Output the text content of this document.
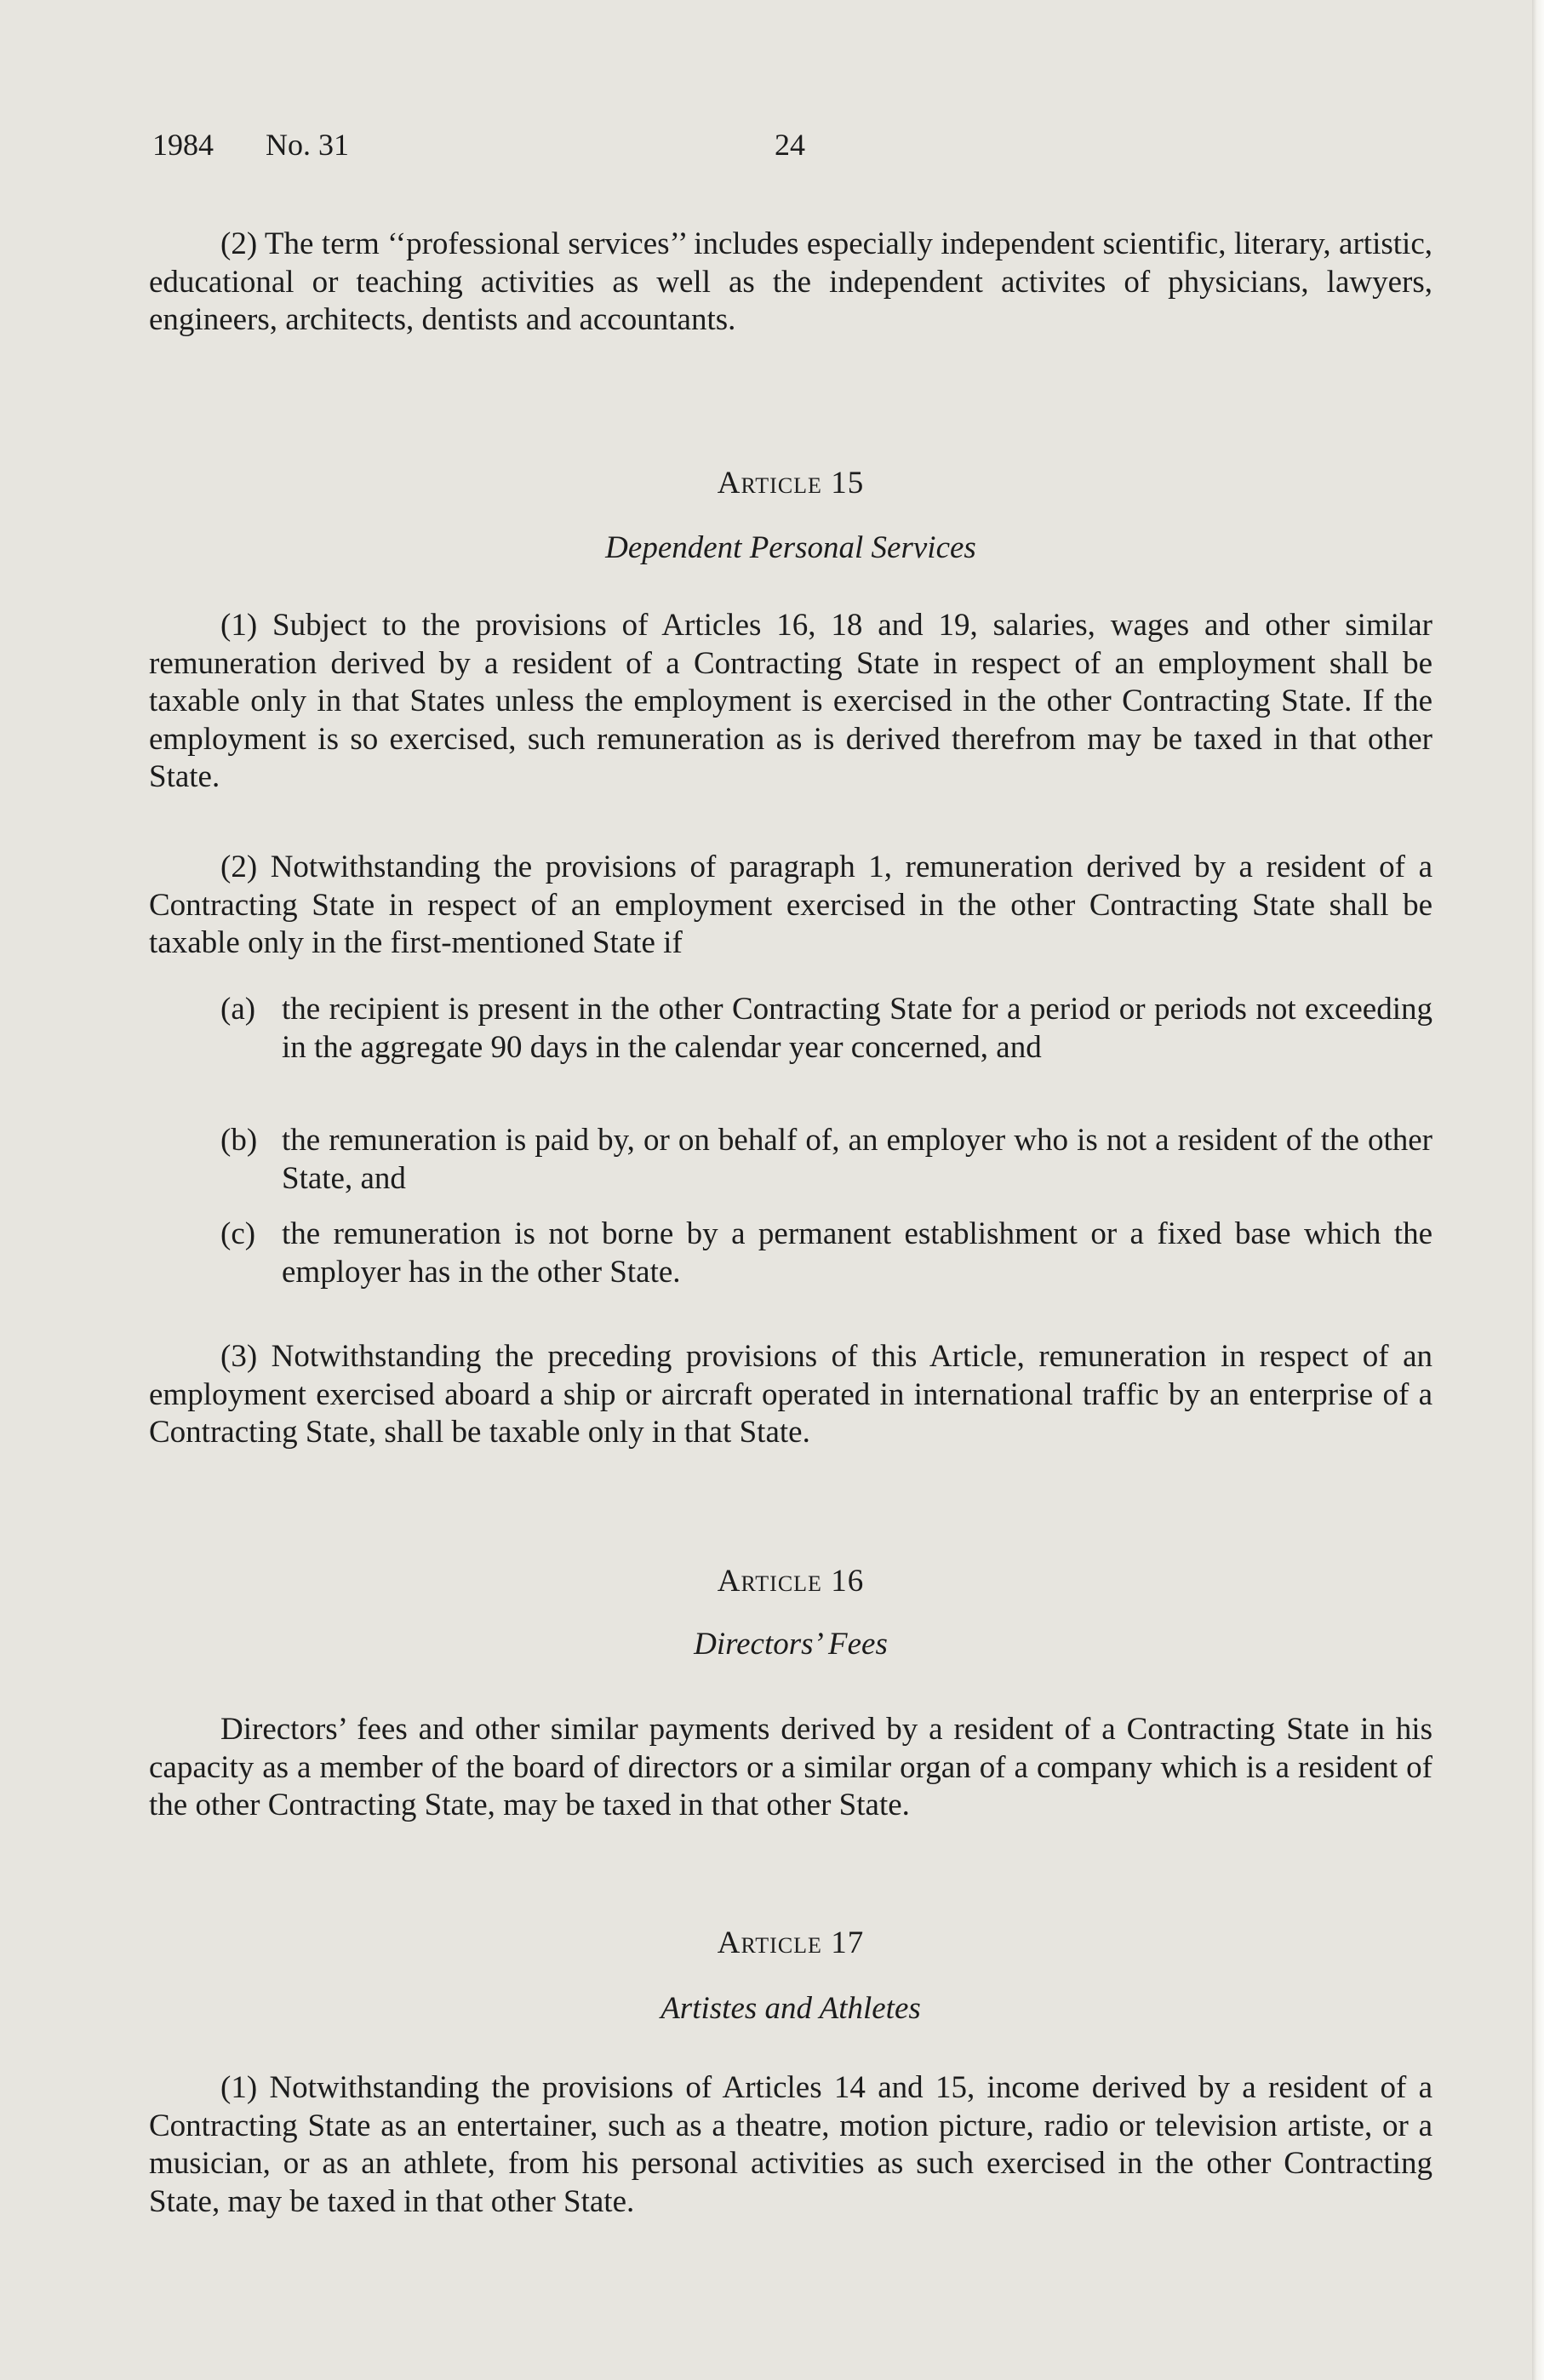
1984 No. 31	24

(2) The term ‘‘professional services’’ includes especially independent scientific, literary, artistic, educational or teaching activities as well as the independent activites of physicians, lawyers, engineers, architects, dentists and accountants.

Article 15
Dependent Personal Services

(1) Subject to the provisions of Articles 16, 18 and 19, salaries, wages and other similar remuneration derived by a resident of a Contracting State in respect of an employment shall be taxable only in that States unless the employment is exercised in the other Contracting State. If the employment is so exercised, such remuneration as is derived therefrom may be taxed in that other State.

(2) Notwithstanding the provisions of paragraph 1, remuneration derived by a resident of a Contracting State in respect of an employment exercised in the other Contracting State shall be taxable only in the first-mentioned State if

(a) the recipient is present in the other Contracting State for a period or periods not exceeding in the aggregate 90 days in the calendar year concerned, and
(b) the remuneration is paid by, or on behalf of, an employer who is not a resident of the other State, and
(c) the remuneration is not borne by a permanent establishment or a fixed base which the employer has in the other State.

(3) Notwithstanding the preceding provisions of this Article, remuneration in respect of an employment exercised aboard a ship or aircraft operated in international traffic by an enterprise of a Contracting State, shall be taxable only in that State.

Article 16
Directors’ Fees

Directors’ fees and other similar payments derived by a resident of a Contracting State in his capacity as a member of the board of directors or a similar organ of a company which is a resident of the other Contracting State, may be taxed in that other State.

Article 17
Artistes and Athletes

(1) Notwithstanding the provisions of Articles 14 and 15, income derived by a resident of a Contracting State as an entertainer, such as a theatre, motion picture, radio or television artiste, or a musician, or as an athlete, from his personal activities as such exercised in the other Contracting State, may be taxed in that other State.
